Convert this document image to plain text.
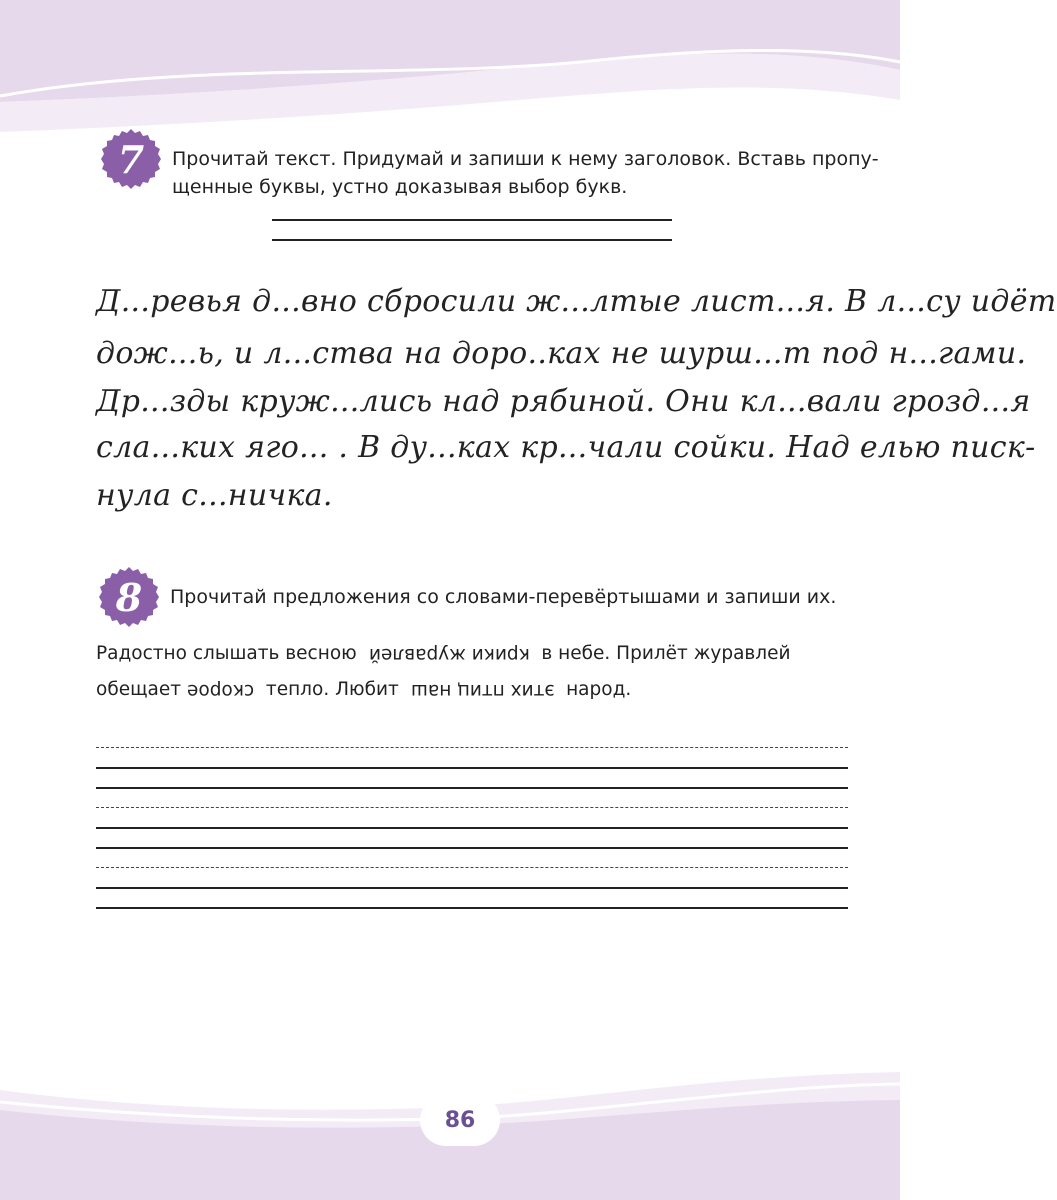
7	Прочитай текст. Придумай и запиши к нему заголовок. Вставь пропу-
щенные буквы, устно доказывая выбор букв.
Д...ревья д...вно сбросили ж...лтые лист...я. В л...су идёт
дож...ь, и л...ства на доро..ках не шурш...т под н...гами.
Др...зды круж...лись над рябиной. Они кл...вали грозд...я
сла...ких яго... . В ду...ках кр...чали сойки. Над елью писк-
нула с...ничка.
8	Прочитай предложения со словами-перевёртышами и запиши их.
Радостно слышать весною крики журавлей в небе. Прилёт журавлей обещает скорое тепло. Любит этих птиц наш народ.
86
